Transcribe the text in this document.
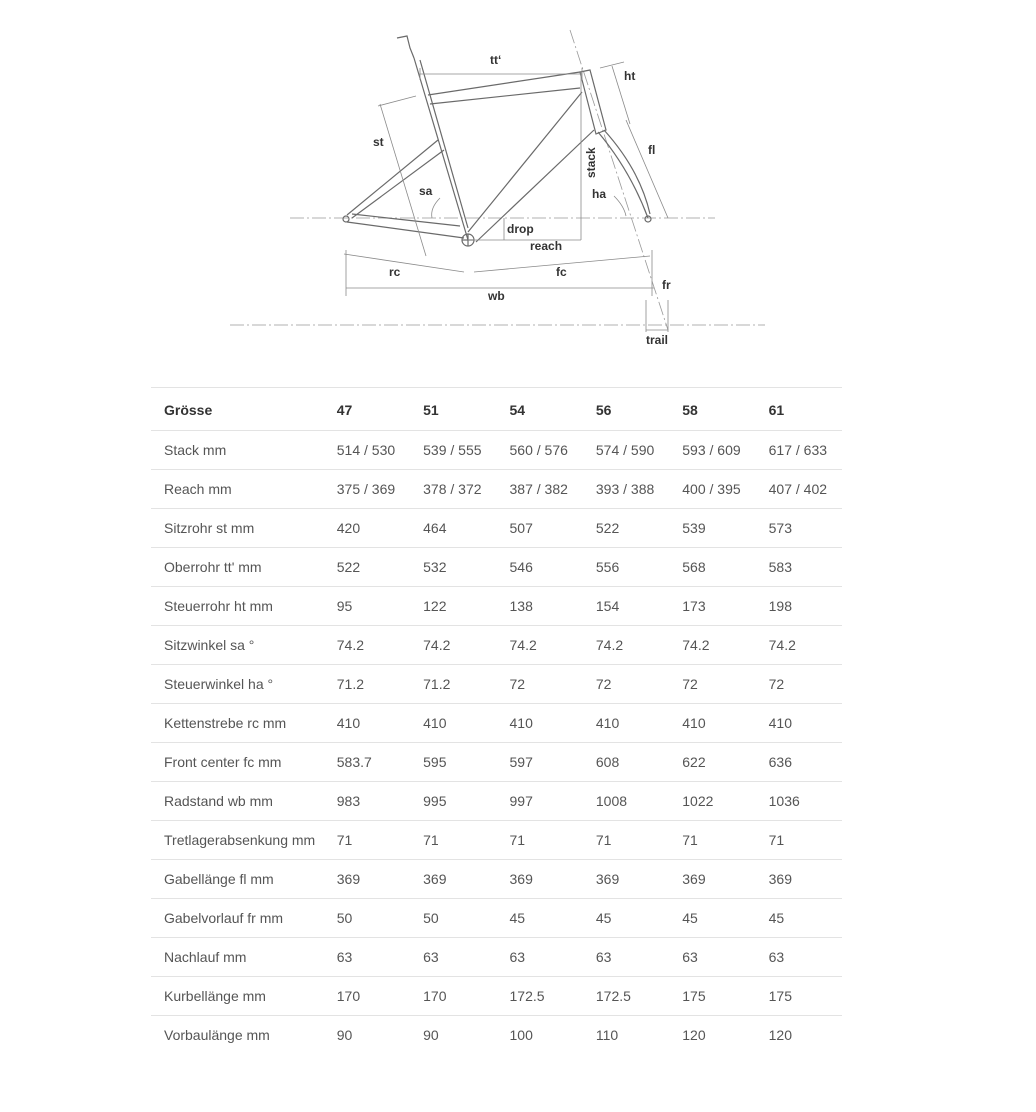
tt‘
ht
st
stack	fl
sa	ha
drop
reach
rc	fc
fr
wb
trail
Grösse	47	51	54	56	58	61
Stack mm	514 / 530	539 / 555	560 / 576	574 / 590	593 / 609	617 / 633
Reach mm	375 / 369	378 / 372	387 / 382	393 / 388	400 / 395	407 / 402
Sitzrohr st mm	420	464	507	522	539	573
Oberrohr tt' mm	522	532	546	556	568	583
Steuerrohr ht mm	95	122	138	154	173	198
Sitzwinkel sa °	74.2	74.2	74.2	74.2	74.2	74.2
Steuerwinkel ha °	71.2	71.2	72	72	72	72
Kettenstrebe rc mm	410	410	410	410	410	410
Front center fc mm	583.7	595	597	608	622	636
Radstand wb mm	983	995	997	1008	1022	1036
Tretlagerabsenkung mm	71	71	71	71	71	71
Gabellänge fl mm	369	369	369	369	369	369
Gabelvorlauf fr mm	50	50	45	45	45	45
Nachlauf mm	63	63	63	63	63	63
Kurbellänge mm	170	170	172.5	172.5	175	175
Vorbaulänge mm	90	90	100	110	120	120
